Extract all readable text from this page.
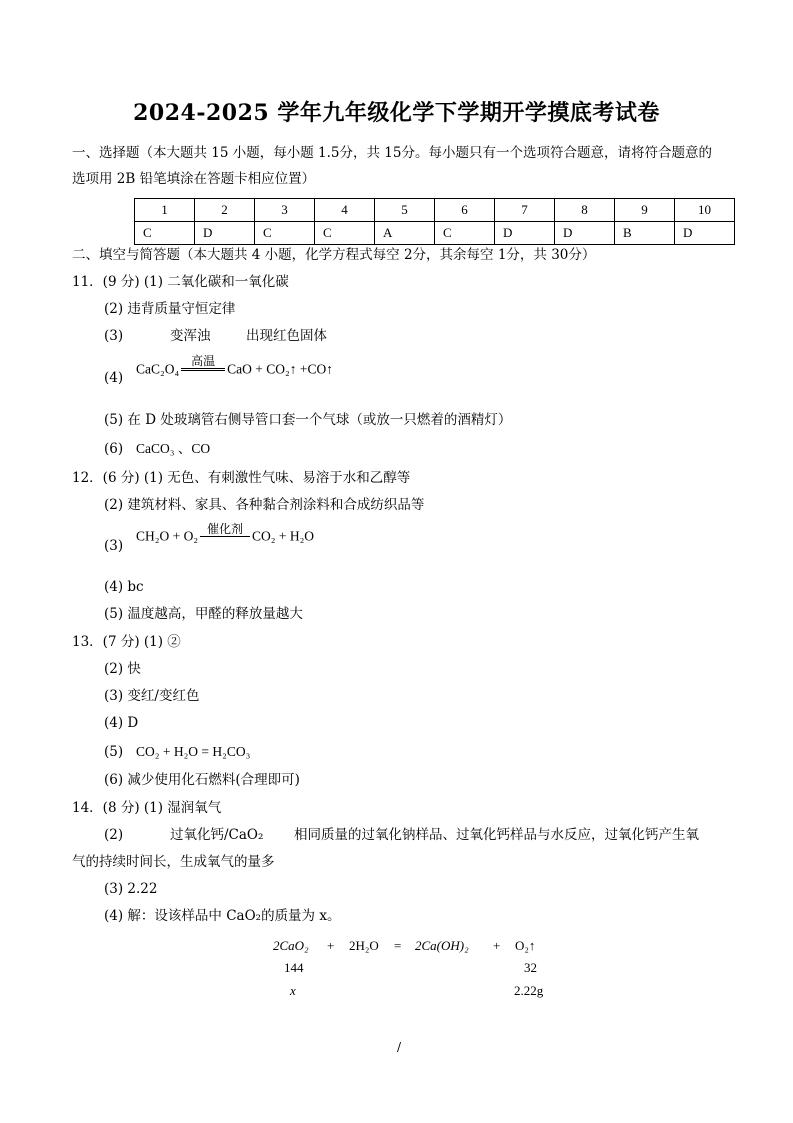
2024-2025 学年九年级化学下学期开学摸底考试卷
一、选择题（本大题共 15 小题，每小题 1.5分，共 15分。每小题只有一个选项符合题意，请将符合题意的
选项用 2B 铅笔填涂在答题卡相应位置）
1	2	3	4	5	6	7	8	9	10
C	D	C	C	A	C	D	D	B	D
二、填空与简答题（本大题共 4 小题，化学方程式每空 2分，其余每空 1分，共 30分）
11．(9 分) (1) 二氧化碳和一氧化碳
(2) 违背质量守恒定律
(3)	变浑浊	出现红色固体
(4)
CaC₂O₄
高温

CaO + CO₂↑ +CO↑
(5) 在 D 处玻璃管右侧导管口套一个气球（或放一只燃着的酒精灯）
(6) CaCO₃ 、CO
12．(6 分) (1) 无色、有刺激性气味、易溶于水和乙醇等
(2) 建筑材料、家具、各种黏合剂涂料和合成纺织品等
(3)
CH₂O + O₂ 催化剂
CO₂ + H₂O
(4) bc
(5) 温度越高，甲醛的释放量越大
13．(7 分) (1) ②
(2) 快
(3) 变红/变红色
(4) D
(5) CO₂ + H₂O = H₂CO₃
(6) 减少使用化石燃料(合理即可)
14．(8 分) (1) 湿润氧气
(2)	过氧化钙/CaO₂ 相同质量的过氧化钠样品、过氧化钙样品与水反应，过氧化钙产生氧
气的持续时间长，生成氧气的量多
(3) 2.22
(4) 解：设该样品中 CaO₂的质量为 x。
2CaO₂ + 2H₂O = 2Ca(OH)₂ + O₂↑
144	32
x	2.22g
/
